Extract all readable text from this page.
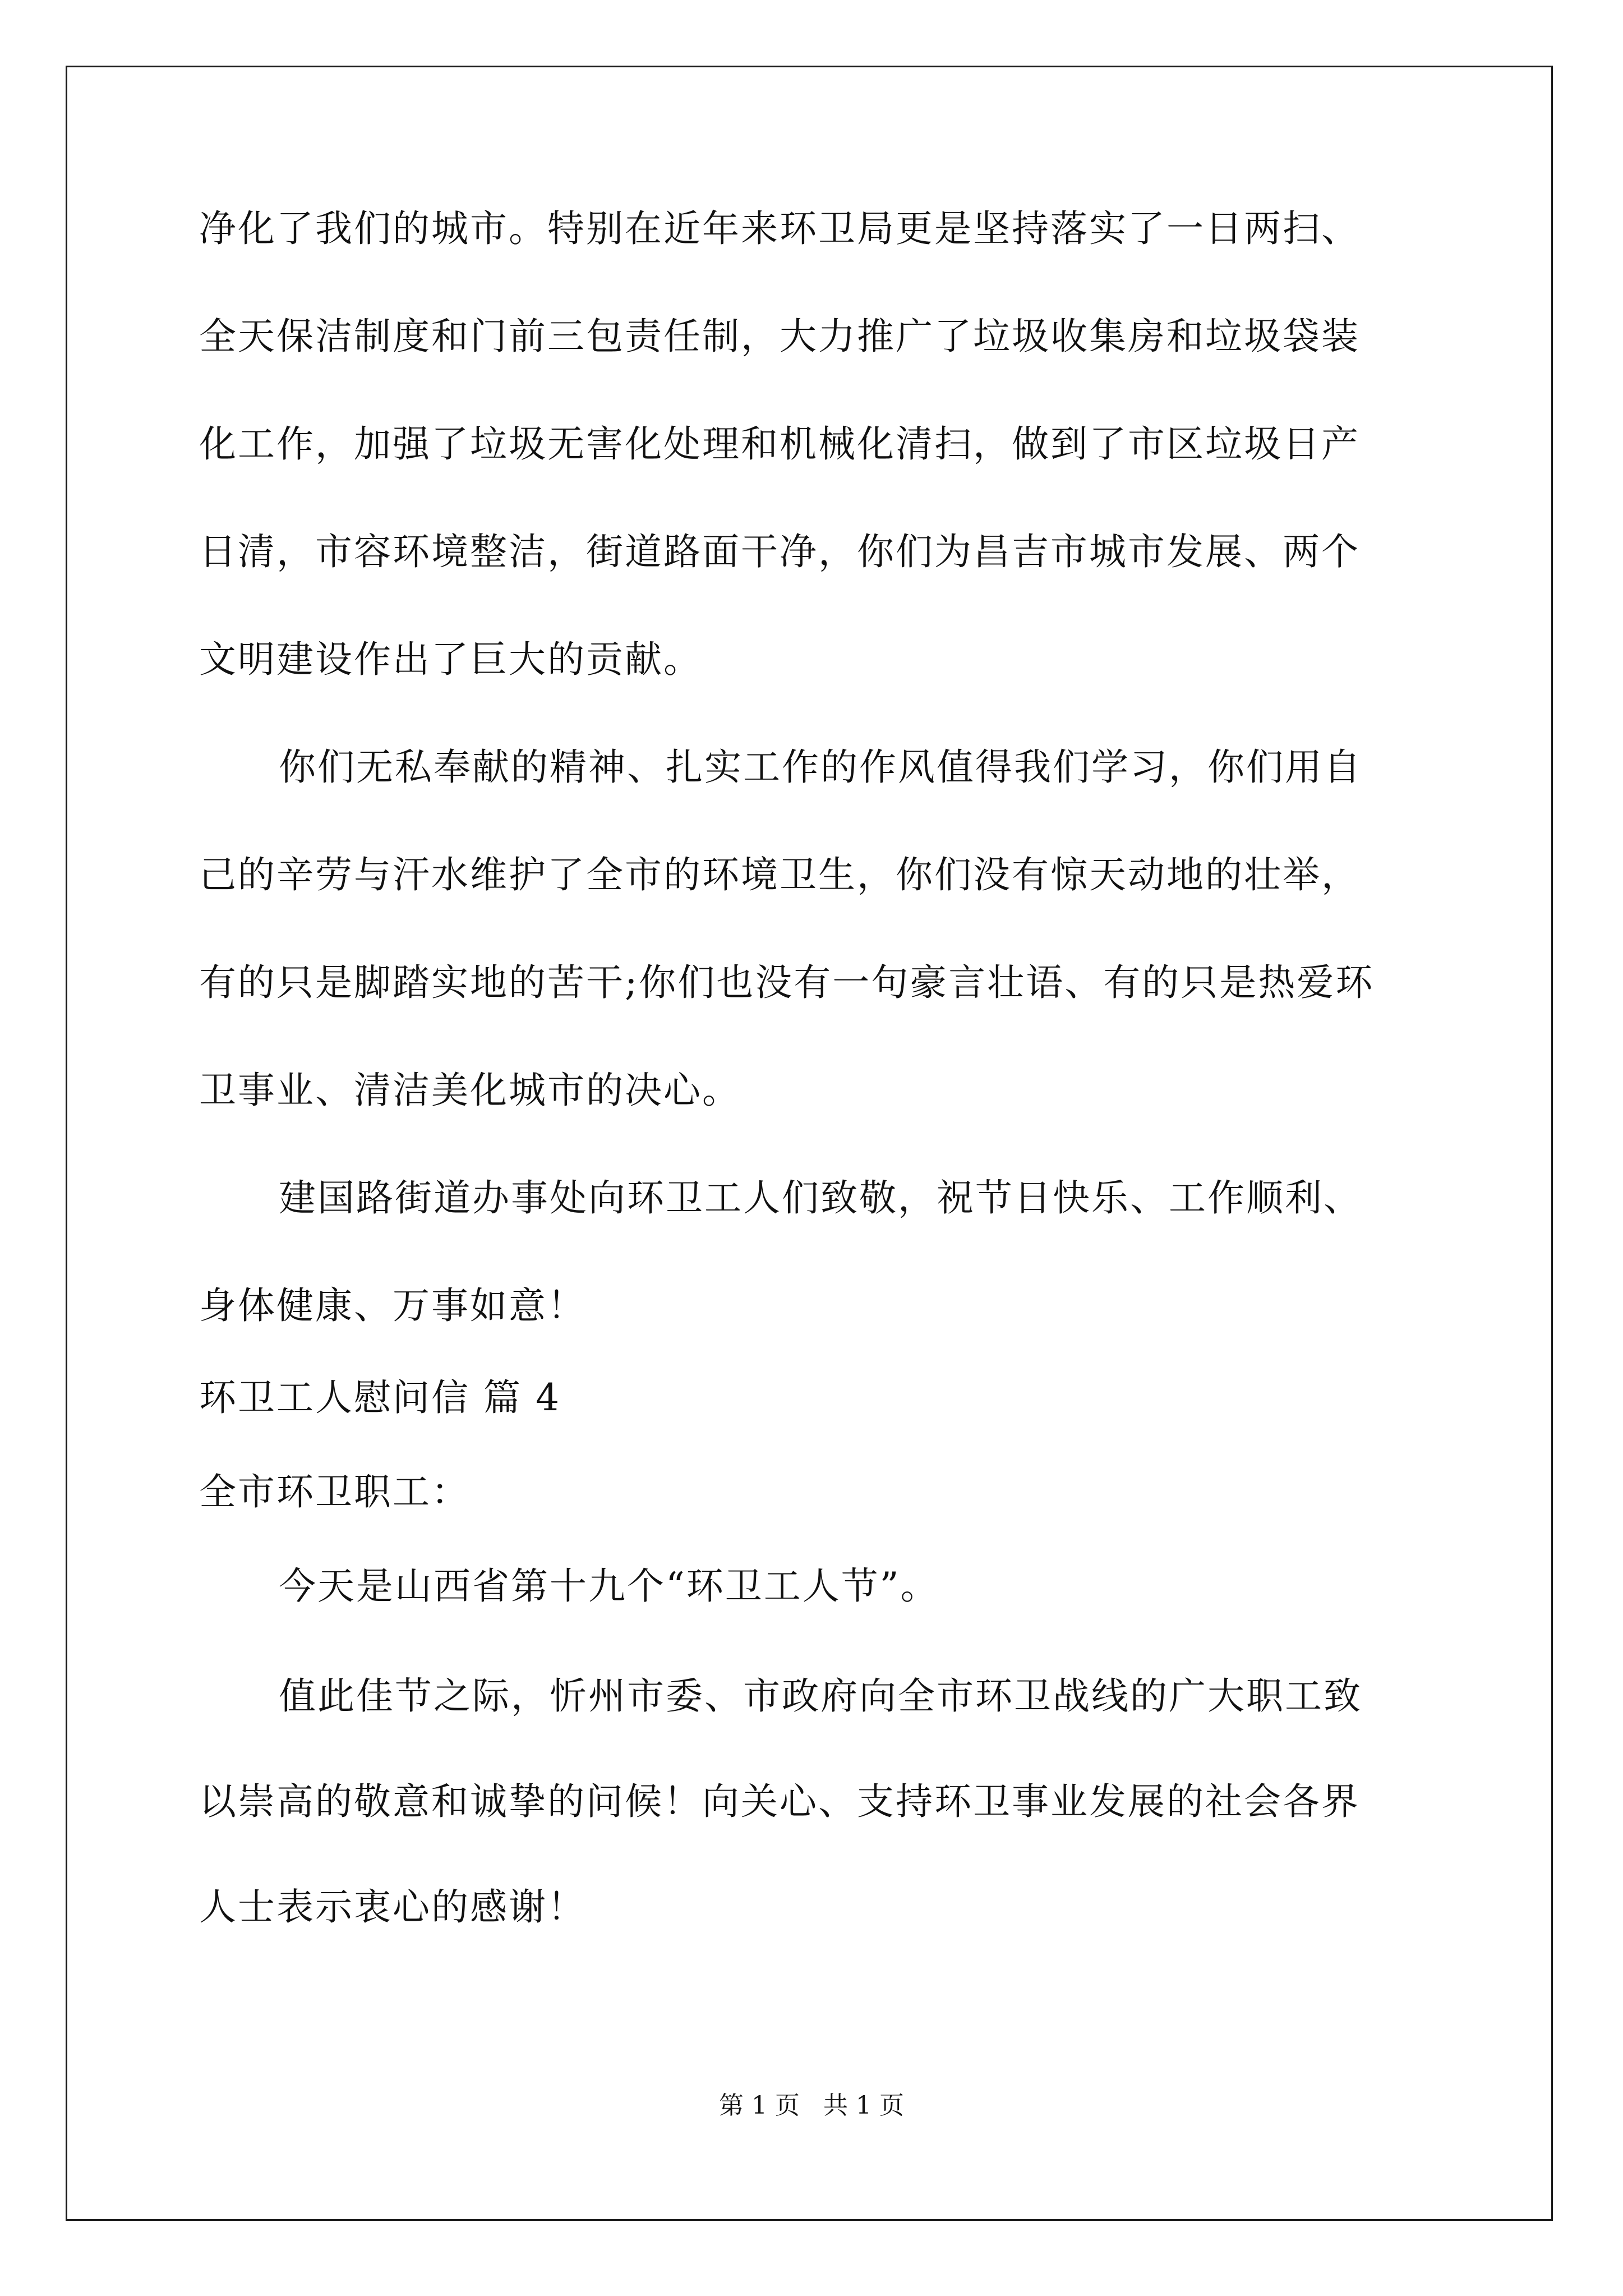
净化了我们的城市。特别在近年来环卫局更是坚持落实了一日两扫、
全天保洁制度和门前三包责任制，大力推广了垃圾收集房和垃圾袋装
化工作，加强了垃圾无害化处理和机械化清扫，做到了市区垃圾日产
日清，市容环境整洁，街道路面干净，你们为昌吉市城市发展、两个
文明建设作出了巨大的贡献。
你们无私奉献的精神、扎实工作的作风值得我们学习，你们用自
己的辛劳与汗水维护了全市的环境卫生，你们没有惊天动地的壮举，
有的只是脚踏实地的苦干;你们也没有一句豪言壮语、有的只是热爱环
卫事业、清洁美化城市的决心。
建国路街道办事处向环卫工人们致敬，祝节日快乐、工作顺利、
身体健康、万事如意！
环卫工人慰问信 篇 4
全市环卫职工：
今天是山西省第十九个“环卫工人节”。
值此佳节之际，忻州市委、市政府向全市环卫战线的广大职工致
以崇高的敬意和诚挚的问候！向关心、支持环卫事业发展的社会各界
人士表示衷心的感谢！
第 1 页   共 1 页
